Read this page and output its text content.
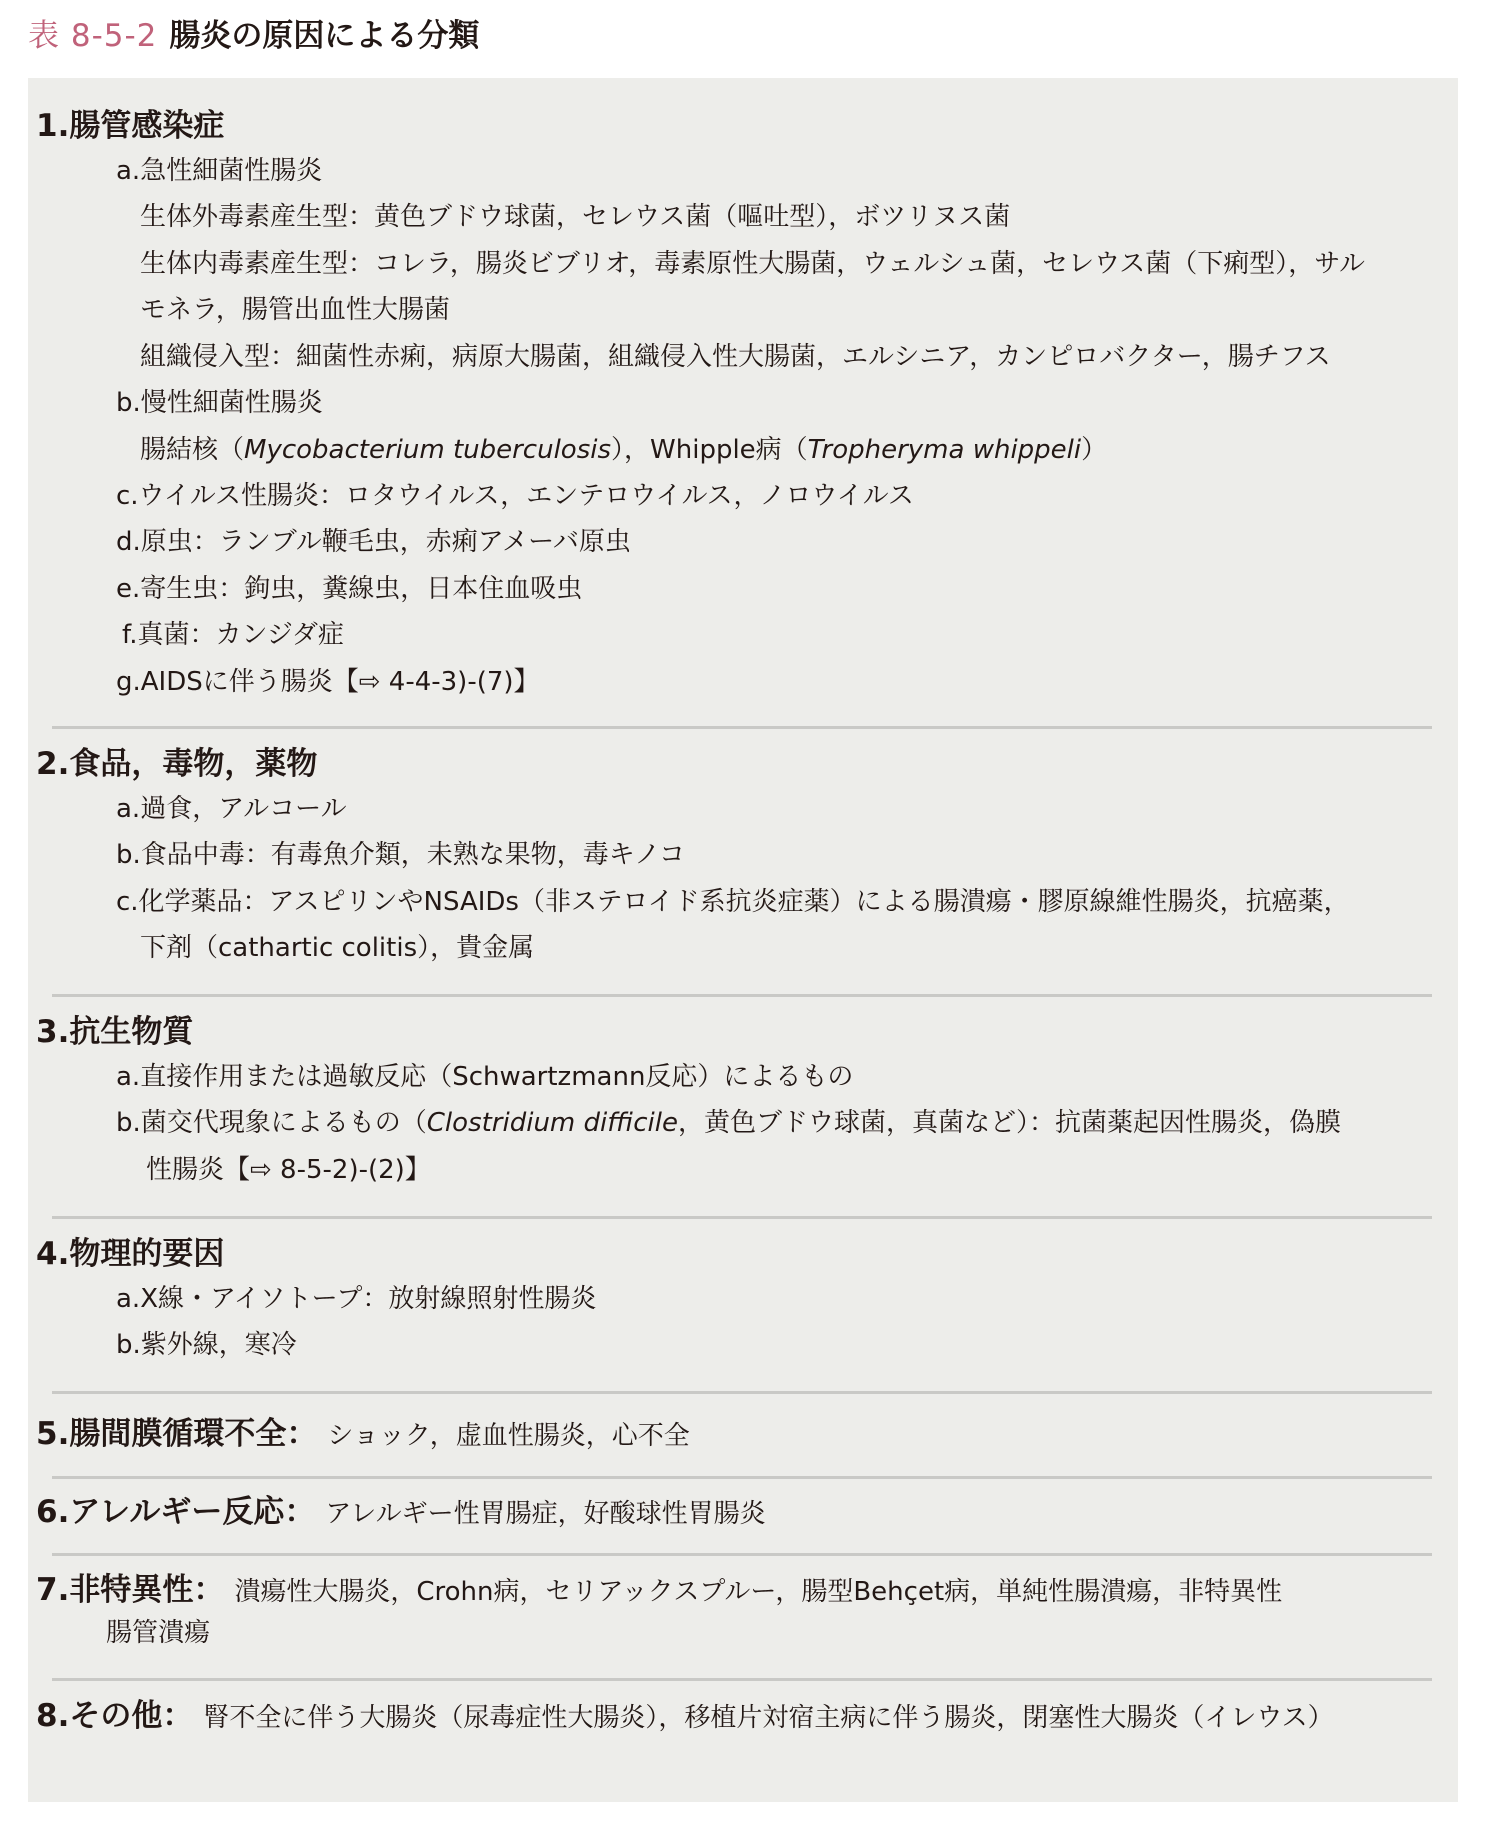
表 8-5-2 腸炎の原因による分類
1.腸管感染症
a.急性細菌性腸炎
生体外毒素産生型：黄色ブドウ球菌，セレウス菌（嘔吐型），ボツリヌス菌
生体内毒素産生型：コレラ，腸炎ビブリオ，毒素原性大腸菌，ウェルシュ菌，セレウス菌（下痢型），サル
モネラ，腸管出血性大腸菌
組織侵入型：細菌性赤痢，病原大腸菌，組織侵入性大腸菌，エルシニア，カンピロバクター，腸チフス
b.慢性細菌性腸炎
腸結核（Mycobacterium tuberculosis），Whipple病（Tropheryma whippeli）
c.ウイルス性腸炎：ロタウイルス，エンテロウイルス，ノロウイルス
d.原虫：ランブル鞭毛虫，赤痢アメーバ原虫
e.寄生虫：鉤虫，糞線虫，日本住血吸虫
f.真菌：カンジダ症
g.AIDSに伴う腸炎【⇨ 4-4-3)-(7)】
2.食品，毒物，薬物
a.過食，アルコール
b.食品中毒：有毒魚介類，未熟な果物，毒キノコ
c.化学薬品：アスピリンやNSAIDs（非ステロイド系抗炎症薬）による腸潰瘍・膠原線維性腸炎，抗癌薬，
下剤（cathartic colitis），貴金属
3.抗生物質
a.直接作用または過敏反応（Schwartzmann反応）によるもの
b.菌交代現象によるもの（Clostridium difficile，黄色ブドウ球菌，真菌など）：抗菌薬起因性腸炎，偽膜
性腸炎【⇨ 8-5-2)-(2)】
4.物理的要因
a.X線・アイソトープ：放射線照射性腸炎
b.紫外線，寒冷
5.腸間膜循環不全： ショック，虚血性腸炎，心不全
6.アレルギー反応： アレルギー性胃腸症，好酸球性胃腸炎
7.非特異性： 潰瘍性大腸炎，Crohn病，セリアックスプルー，腸型Behçet病，単純性腸潰瘍，非特異性
腸管潰瘍
8.その他： 腎不全に伴う大腸炎（尿毒症性大腸炎），移植片対宿主病に伴う腸炎，閉塞性大腸炎（イレウス）
